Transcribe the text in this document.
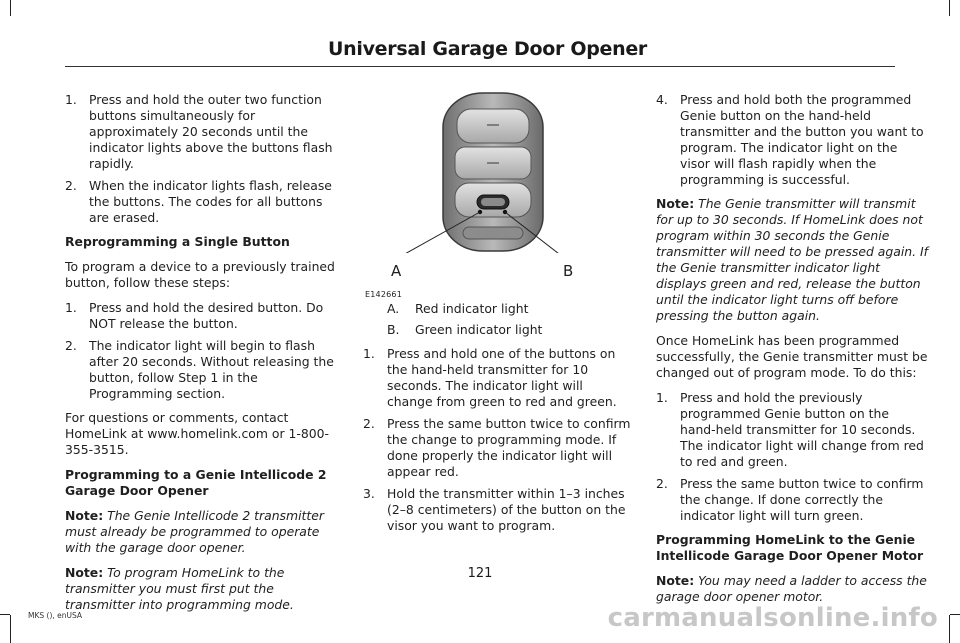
Universal Garage Door Opener
1. Press and hold the outer two function buttons simultaneously for approximately 20 seconds until the indicator lights above the buttons flash rapidly.
2. When the indicator lights flash, release the buttons. The codes for all buttons are erased.
Reprogramming a Single Button

To program a device to a previously trained button, follow these steps:

1. Press and hold the desired button. Do NOT release the button.
2. The indicator light will begin to flash after 20 seconds. Without releasing the button, follow Step 1 in the Programming section.

For questions or comments, contact HomeLink at www.homelink.com or 1-800-355-3515.

Programming to a Genie Intellicode 2 Garage Door Opener

Note: The Genie Intellicode 2 transmitter must already be programmed to operate with the garage door opener.

Note: To program HomeLink to the transmitter you must first put the transmitter into programming mode.

A	B
E142661
A.	Red indicator light
B.	Green indicator light
1. Press and hold one of the buttons on the hand-held transmitter for 10 seconds. The indicator light will change from green to red and green.
2. Press the same button twice to confirm the change to programming mode. If done properly the indicator light will appear red.
3. Hold the transmitter within 1–3 inches (2–8 centimeters) of the button on the visor you want to program.
4. Press and hold both the programmed Genie button on the hand-held transmitter and the button you want to program. The indicator light on the visor will flash rapidly when the programming is successful.

Note: The Genie transmitter will transmit for up to 30 seconds. If HomeLink does not program within 30 seconds the Genie transmitter will need to be pressed again. If the Genie transmitter indicator light displays green and red, release the button until the indicator light turns off before pressing the button again.

Once HomeLink has been programmed successfully, the Genie transmitter must be changed out of program mode. To do this:

1. Press and hold the previously programmed Genie button on the hand-held transmitter for 10 seconds. The indicator light will change from red to red and green.
2. Press the same button twice to confirm the change. If done correctly the indicator light will turn green.
Programming HomeLink to the Genie Intellicode Garage Door Opener Motor

Note: You may need a ladder to access the garage door opener motor.

121
MKS (), enUSA	carmanualsonline.info
